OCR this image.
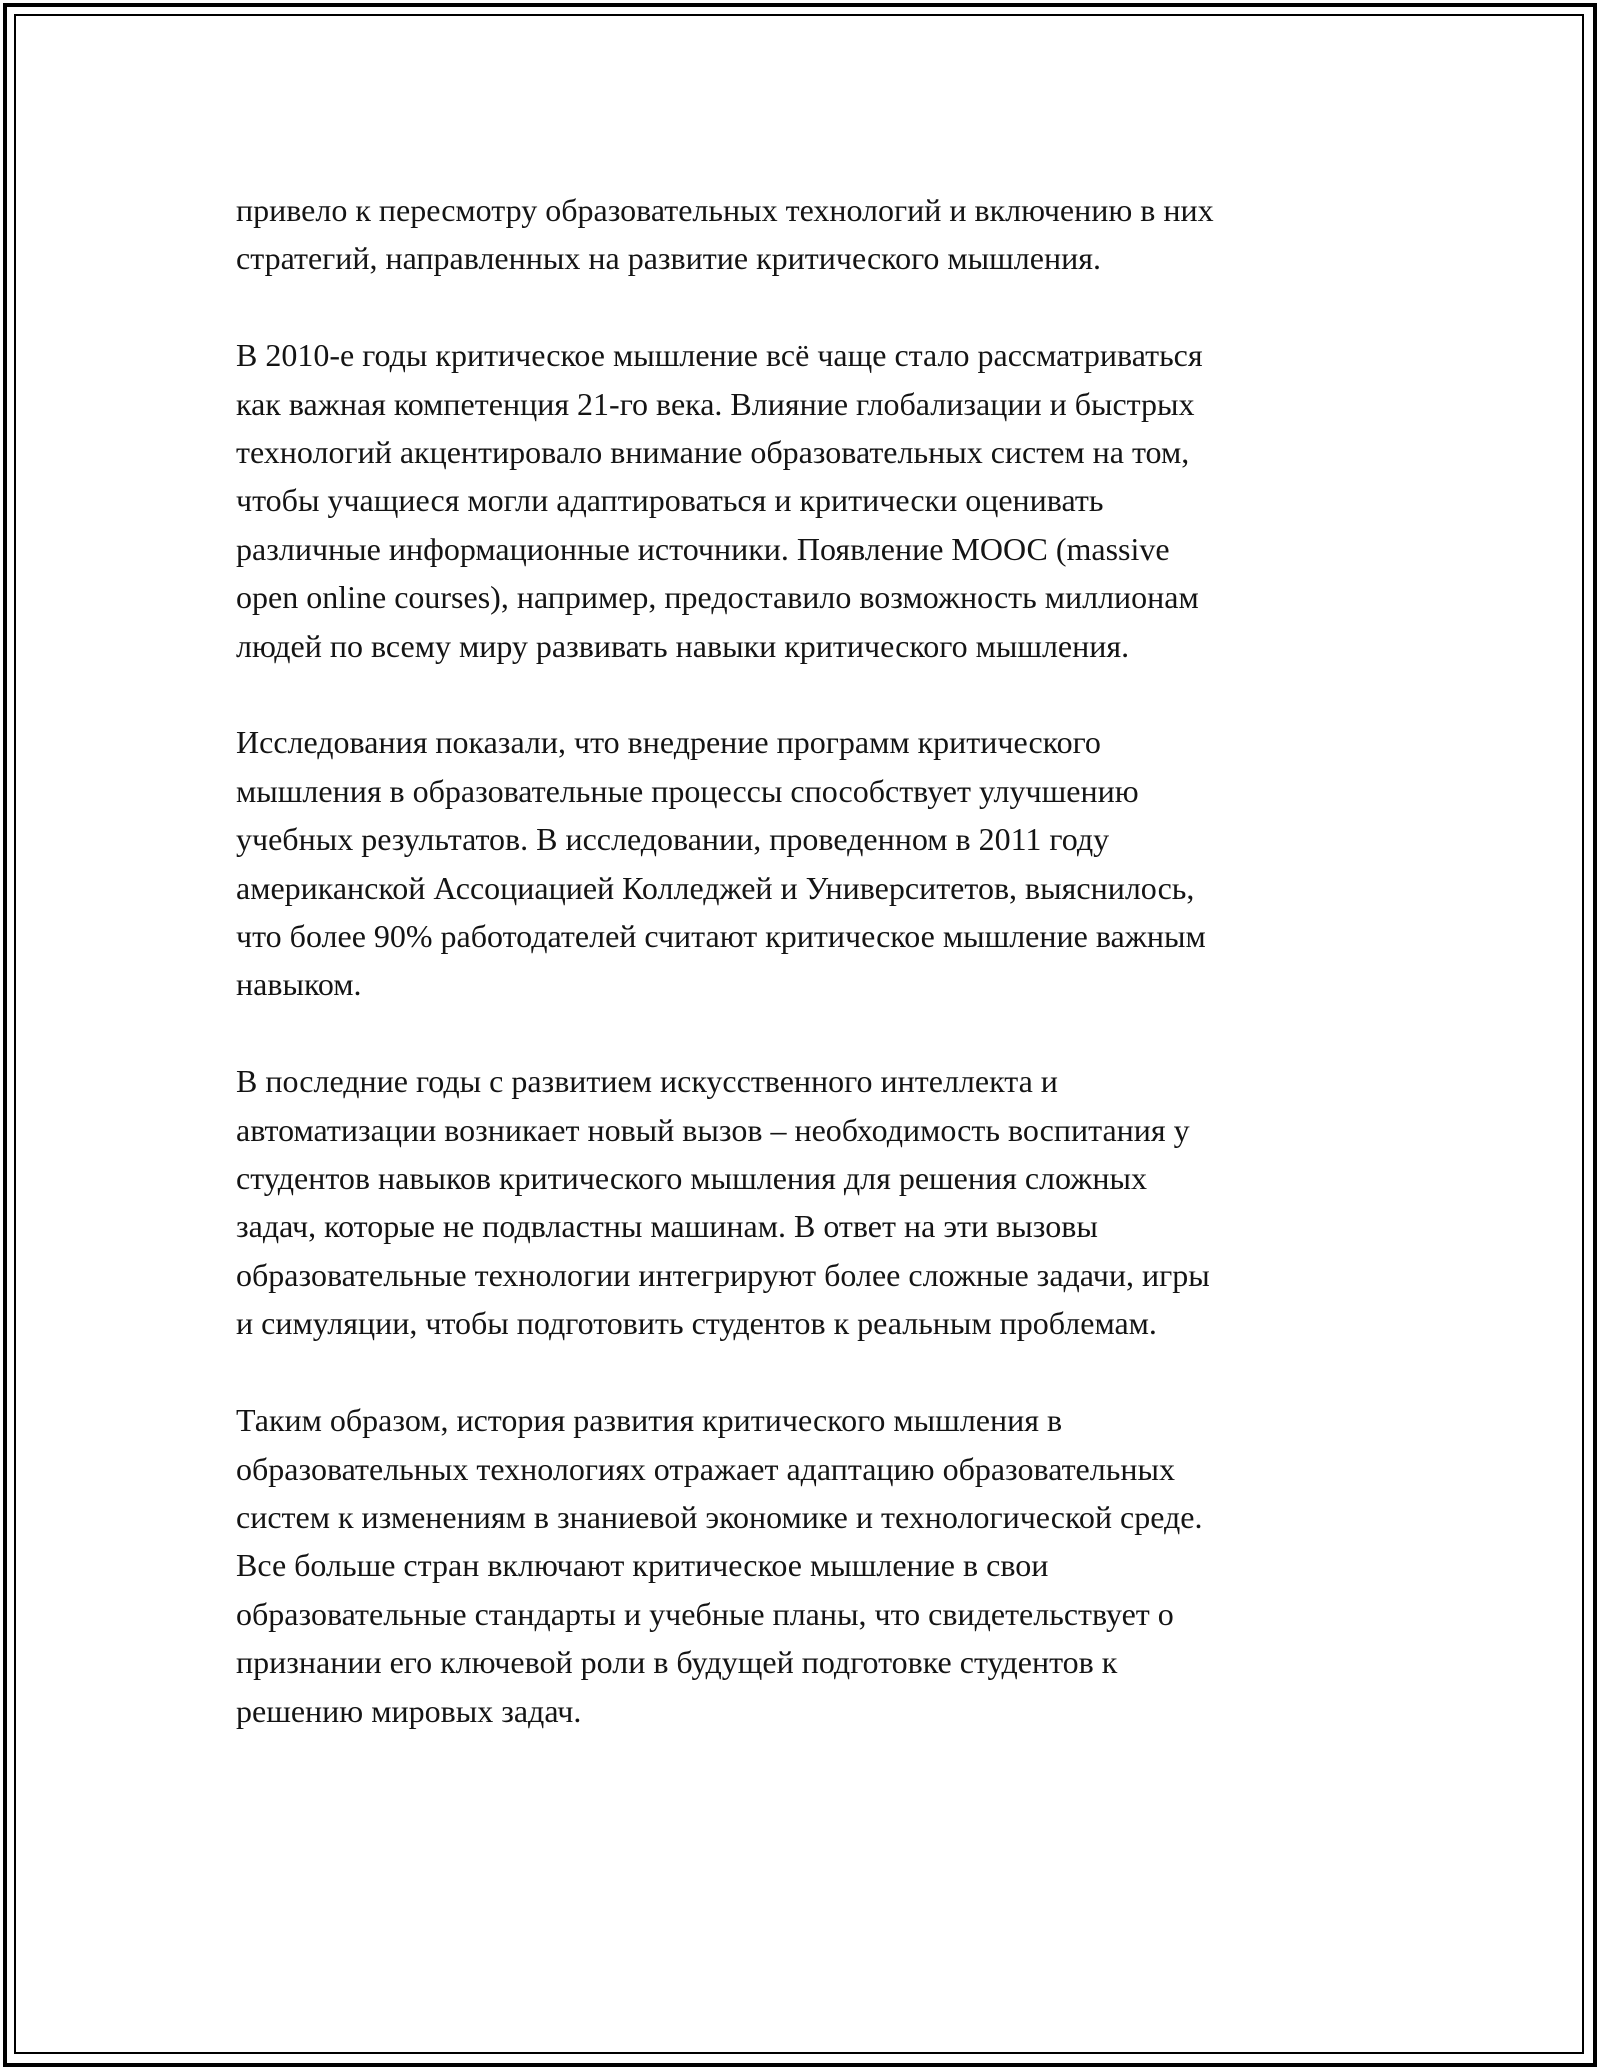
привело к пересмотру образовательных технологий и включению в них
стратегий, направленных на развитие критического мышления.

В 2010-е годы критическое мышление всё чаще стало рассматриваться
как важная компетенция 21-го века. Влияние глобализации и быстрых
технологий акцентировало внимание образовательных систем на том,
чтобы учащиеся могли адаптироваться и критически оценивать
различные информационные источники. Появление МООС (massive
open online courses), например, предоставило возможность миллионам
людей по всему миру развивать навыки критического мышления.

Исследования показали, что внедрение программ критического
мышления в образовательные процессы способствует улучшению
учебных результатов. В исследовании, проведенном в 2011 году
американской Ассоциацией Колледжей и Университетов, выяснилось,
что более 90% работодателей считают критическое мышление важным
навыком.

В последние годы с развитием искусственного интеллекта и
автоматизации возникает новый вызов – необходимость воспитания у
студентов навыков критического мышления для решения сложных
задач, которые не подвластны машинам. В ответ на эти вызовы
образовательные технологии интегрируют более сложные задачи, игры
и симуляции, чтобы подготовить студентов к реальным проблемам.

Таким образом, история развития критического мышления в
образовательных технологиях отражает адаптацию образовательных
систем к изменениям в знаниевой экономике и технологической среде.
Все больше стран включают критическое мышление в свои
образовательные стандарты и учебные планы, что свидетельствует о
признании его ключевой роли в будущей подготовке студентов к
решению мировых задач.
